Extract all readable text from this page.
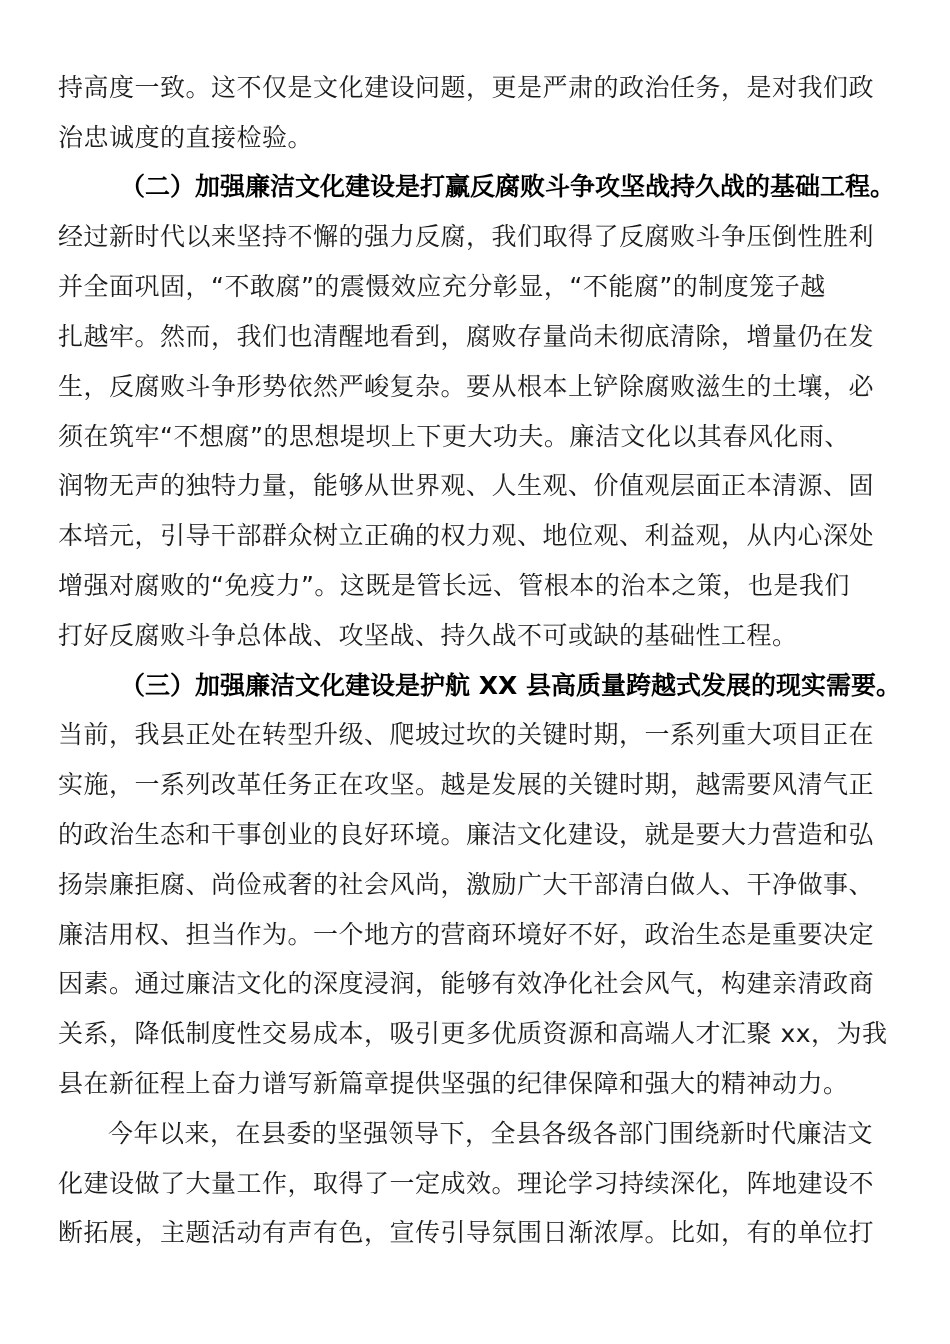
持高度一致。这不仅是文化建设问题，更是严肃的政治任务，是对我们政
治忠诚度的直接检验。
（二）加强廉洁文化建设是打赢反腐败斗争攻坚战持久战的基础工程。
经过新时代以来坚持不懈的强力反腐，我们取得了反腐败斗争压倒性胜利
并全面巩固，“不敢腐”的震慑效应充分彰显，“不能腐”的制度笼子越
扎越牢。然而，我们也清醒地看到，腐败存量尚未彻底清除，增量仍在发
生，反腐败斗争形势依然严峻复杂。要从根本上铲除腐败滋生的土壤，必
须在筑牢“不想腐”的思想堤坝上下更大功夫。廉洁文化以其春风化雨、
润物无声的独特力量，能够从世界观、人生观、价值观层面正本清源、固
本培元，引导干部群众树立正确的权力观、地位观、利益观，从内心深处
增强对腐败的“免疫力”。这既是管长远、管根本的治本之策，也是我们
打好反腐败斗争总体战、攻坚战、持久战不可或缺的基础性工程。
（三）加强廉洁文化建设是护航 XX 县高质量跨越式发展的现实需要。
当前，我县正处在转型升级、爬坡过坎的关键时期，一系列重大项目正在
实施，一系列改革任务正在攻坚。越是发展的关键时期，越需要风清气正
的政治生态和干事创业的良好环境。廉洁文化建设，就是要大力营造和弘
扬崇廉拒腐、尚俭戒奢的社会风尚，激励广大干部清白做人、干净做事、
廉洁用权、担当作为。一个地方的营商环境好不好，政治生态是重要决定
因素。通过廉洁文化的深度浸润，能够有效净化社会风气，构建亲清政商
关系，降低制度性交易成本，吸引更多优质资源和高端人才汇聚 xx，为我
县在新征程上奋力谱写新篇章提供坚强的纪律保障和强大的精神动力。
今年以来，在县委的坚强领导下，全县各级各部门围绕新时代廉洁文
化建设做了大量工作，取得了一定成效。理论学习持续深化，阵地建设不
断拓展，主题活动有声有色，宣传引导氛围日渐浓厚。比如，有的单位打
